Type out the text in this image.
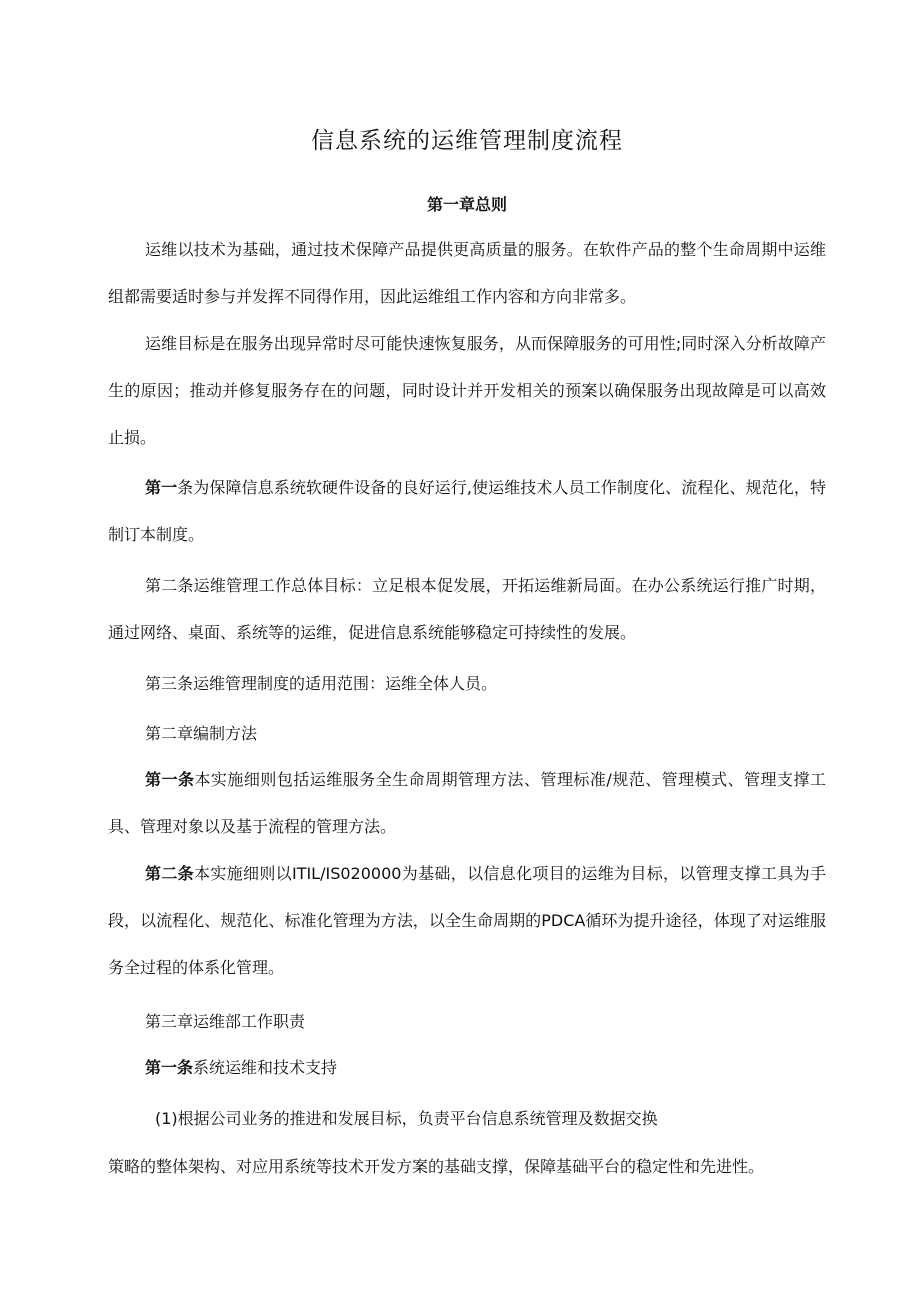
信息系统的运维管理制度流程
第一章总则

运维以技术为基础，通过技术保障产品提供更高质量的服务。在软件产品的整个生命周期中运维组都需要适时参与并发挥不同得作用，因此运维组工作内容和方向非常多。

运维目标是在服务出现异常时尽可能快速恢复服务，从而保障服务的可用性;同时深入分析故障产生的原因；推动并修复服务存在的问题，同时设计并开发相关的预案以确保服务出现故障是可以高效止损。

第一条为保障信息系统软硬件设备的良好运行,使运维技术人员工作制度化、流程化、规范化，特制订本制度。

第二条运维管理工作总体目标：立足根本促发展，开拓运维新局面。在办公系统运行推广时期，通过网络、桌面、系统等的运维，促进信息系统能够稳定可持续性的发展。

第三条运维管理制度的适用范围：运维全体人员。

第二章编制方法

第一条本实施细则包括运维服务全生命周期管理方法、管理标准/规范、管理模式、管理支撑工具、管理对象以及基于流程的管理方法。

第二条本实施细则以ITIL/IS020000为基础，以信息化项目的运维为目标，以管理支撑工具为手段，以流程化、规范化、标准化管理为方法，以全生命周期的PDCA循环为提升途径，体现了对运维服务全过程的体系化管理。

第三章运维部工作职责

第一条系统运维和技术支持

(1)根据公司业务的推进和发展目标，负责平台信息系统管理及数据交换

策略的整体架构、对应用系统等技术开发方案的基础支撑，保障基础平台的稳定性和先进性。
